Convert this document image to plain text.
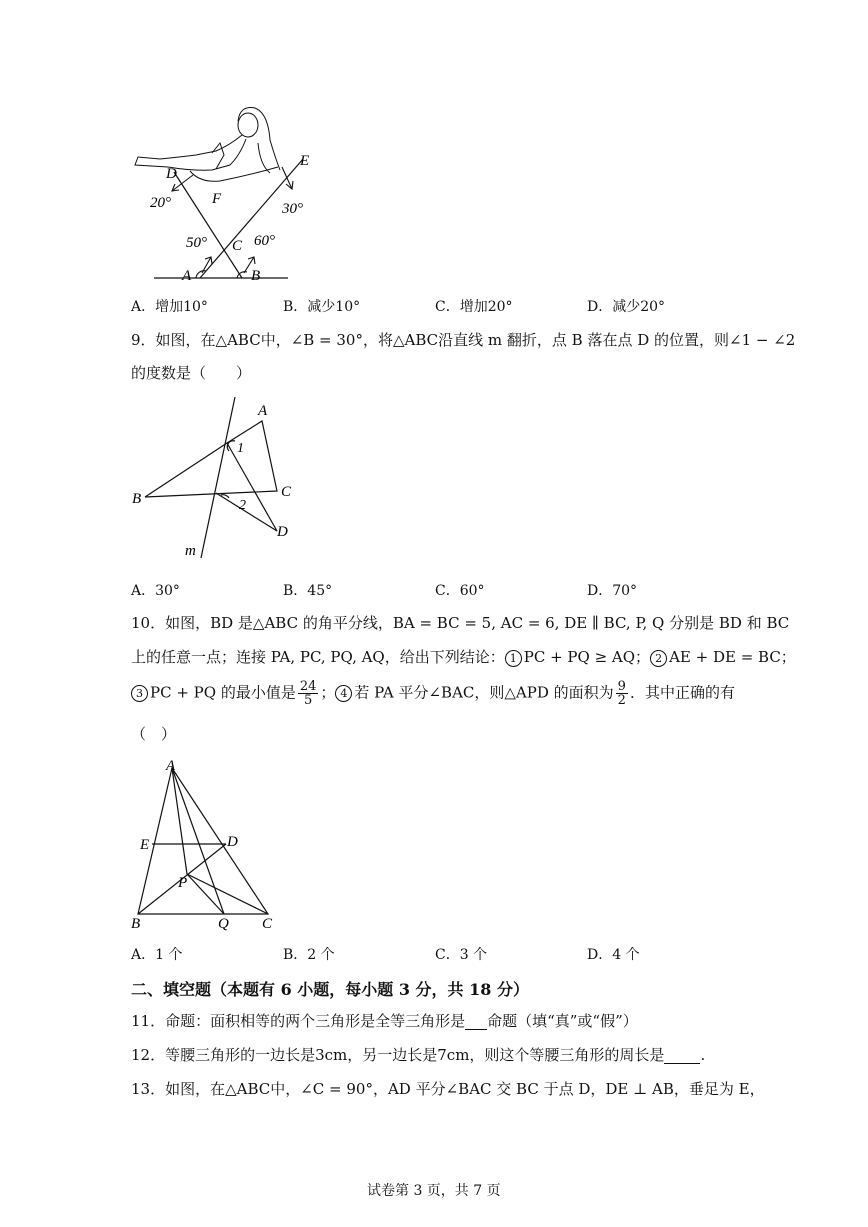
D
E
F
C
A	B
20°	30°
50°	60°
A．增加10°	B．减少10°	C．增加20°	D．减少20°
9．如图，在△ABC中，∠B = 30°，将△ABC沿直线 m 翻折，点 B 落在点 D 的位置，则∠1 − ∠2
的度数是（　　）
A
B	C
D
m
1
2
A．30°	B．45°	C．60°	D．70°
10．如图，BD 是△ABC 的角平分线，BA = BC = 5, AC = 6, DE ∥ BC, P, Q 分别是 BD 和 BC
上的任意一点；连接 PA, PC, PQ, AQ，给出下列结论： 1 PC + PQ ≥ AQ； 2 AE + DE = BC；
3 PC + PQ 的最小值是 $\frac{24}{5}$ ； 4 若 PA 平分∠BAC，则△APD 的面积为 $\frac{9}{2}$ ．其中正确的有
（　）
A
E	D
P
B	Q C
A．1 个	B．2 个	C．3 个	D．4 个
二、填空题（本题有 6 小题，每小题 3 分，共 18 分）
11．命题：面积相等的两个三角形是全等三角形是 命题（填“真”或“假”）
12．等腰三角形的一边长是3cm，另一边长是7cm，则这个等腰三角形的周长是 .
13．如图，在△ABC中，∠C = 90°，AD 平分∠BAC 交 BC 于点 D，DE ⊥ AB，垂足为 E，
试卷第 3 页，共 7 页
